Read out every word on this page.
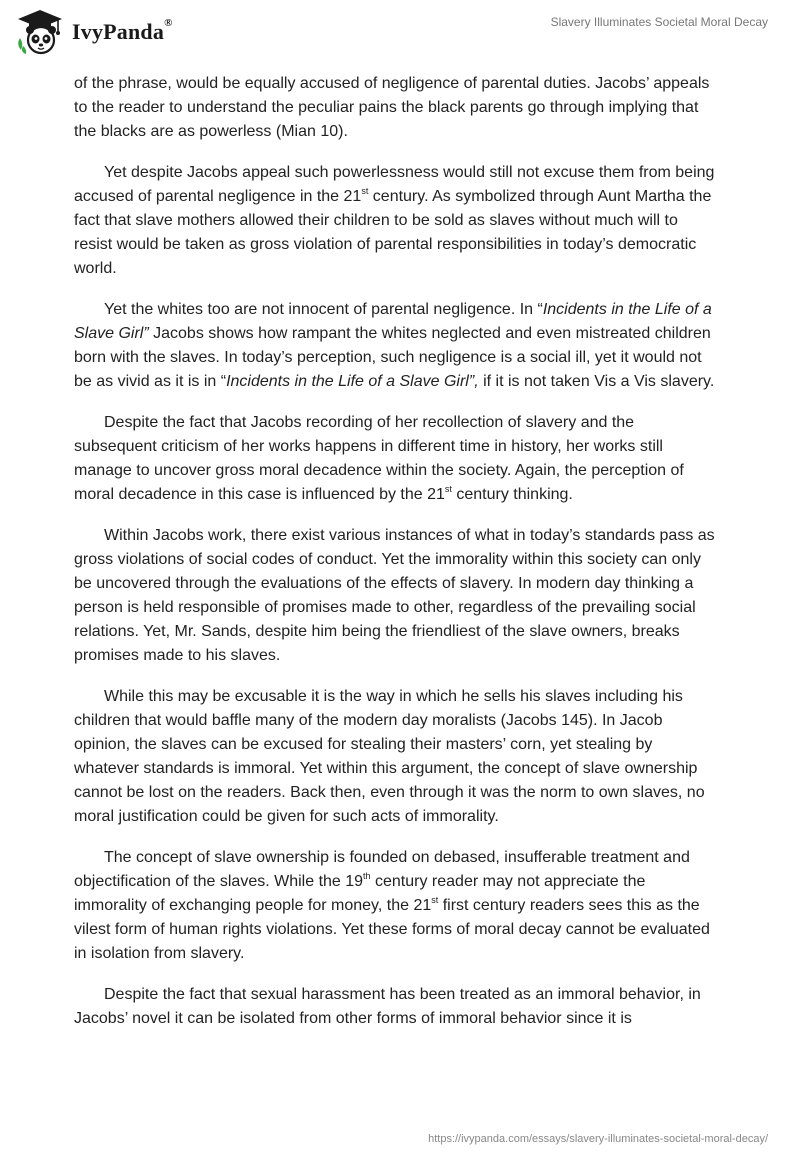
IvyPanda®	Slavery Illuminates Societal Moral Decay

of the phrase, would be equally accused of negligence of parental duties. Jacobs’ appeals to the reader to understand the peculiar pains the black parents go through implying that the blacks are as powerless (Mian 10).

Yet despite Jacobs appeal such powerlessness would still not excuse them from being accused of parental negligence in the 21st century. As symbolized through Aunt Martha the fact that slave mothers allowed their children to be sold as slaves without much will to resist would be taken as gross violation of parental responsibilities in today’s democratic world.

Yet the whites too are not innocent of parental negligence. In “Incidents in the Life of a Slave Girl” Jacobs shows how rampant the whites neglected and even mistreated children born with the slaves. In today’s perception, such negligence is a social ill, yet it would not be as vivid as it is in “Incidents in the Life of a Slave Girl”, if it is not taken Vis a Vis slavery.

Despite the fact that Jacobs recording of her recollection of slavery and the subsequent criticism of her works happens in different time in history, her works still manage to uncover gross moral decadence within the society. Again, the perception of moral decadence in this case is influenced by the 21st century thinking.

Within Jacobs work, there exist various instances of what in today’s standards pass as gross violations of social codes of conduct. Yet the immorality within this society can only be uncovered through the evaluations of the effects of slavery. In modern day thinking a person is held responsible of promises made to other, regardless of the prevailing social relations. Yet, Mr. Sands, despite him being the friendliest of the slave owners, breaks promises made to his slaves.

While this may be excusable it is the way in which he sells his slaves including his children that would baffle many of the modern day moralists (Jacobs 145). In Jacob opinion, the slaves can be excused for stealing their masters’ corn, yet stealing by whatever standards is immoral. Yet within this argument, the concept of slave ownership cannot be lost on the readers. Back then, even through it was the norm to own slaves, no moral justification could be given for such acts of immorality.

The concept of slave ownership is founded on debased, insufferable treatment and objectification of the slaves. While the 19th century reader may not appreciate the immorality of exchanging people for money, the 21st first century readers sees this as the vilest form of human rights violations. Yet these forms of moral decay cannot be evaluated in isolation from slavery.

Despite the fact that sexual harassment has been treated as an immoral behavior, in Jacobs’ novel it can be isolated from other forms of immoral behavior since it is

https://ivypanda.com/essays/slavery-illuminates-societal-moral-decay/
